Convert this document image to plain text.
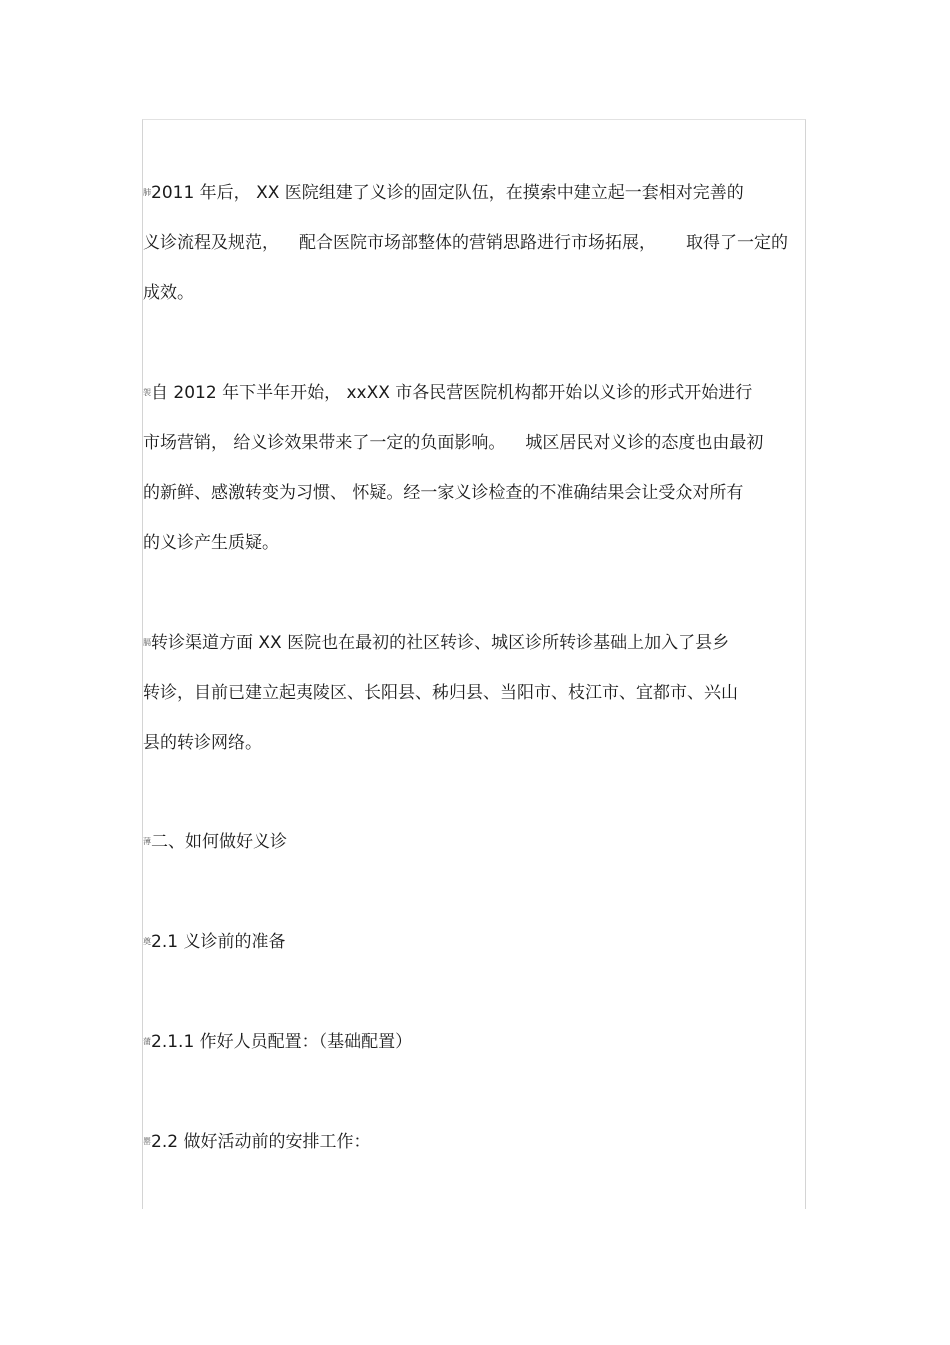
肺2011 年后， XX 医院组建了义诊的固定队伍，在摸索中建立起一套相对完善的
义诊流程及规范， 配合医院市场部整体的营销思路进行市场拓展， 取得了一定的
成效。
袈自 2012 年下半年开始， xxXX 市各民营医院机构都开始以义诊的形式开始进行
市场营销， 给义诊效果带来了一定的负面影响。 城区居民对义诊的态度也由最初
的新鲜、感激转变为习惯、 怀疑。经一家义诊检查的不准确结果会让受众对所有
的义诊产生质疑。
膈转诊渠道方面 XX 医院也在最初的社区转诊、城区诊所转诊基础上加入了县乡
转诊，目前已建立起夷陵区、长阳县、秭归县、当阳市、枝江市、宜都市、兴山
县的转诊网络。
薄二、如何做好义诊
奠2.1 义诊前的准备
蒲2.1.1 作好人员配置：（基础配置）
罂2.2 做好活动前的安排工作：
